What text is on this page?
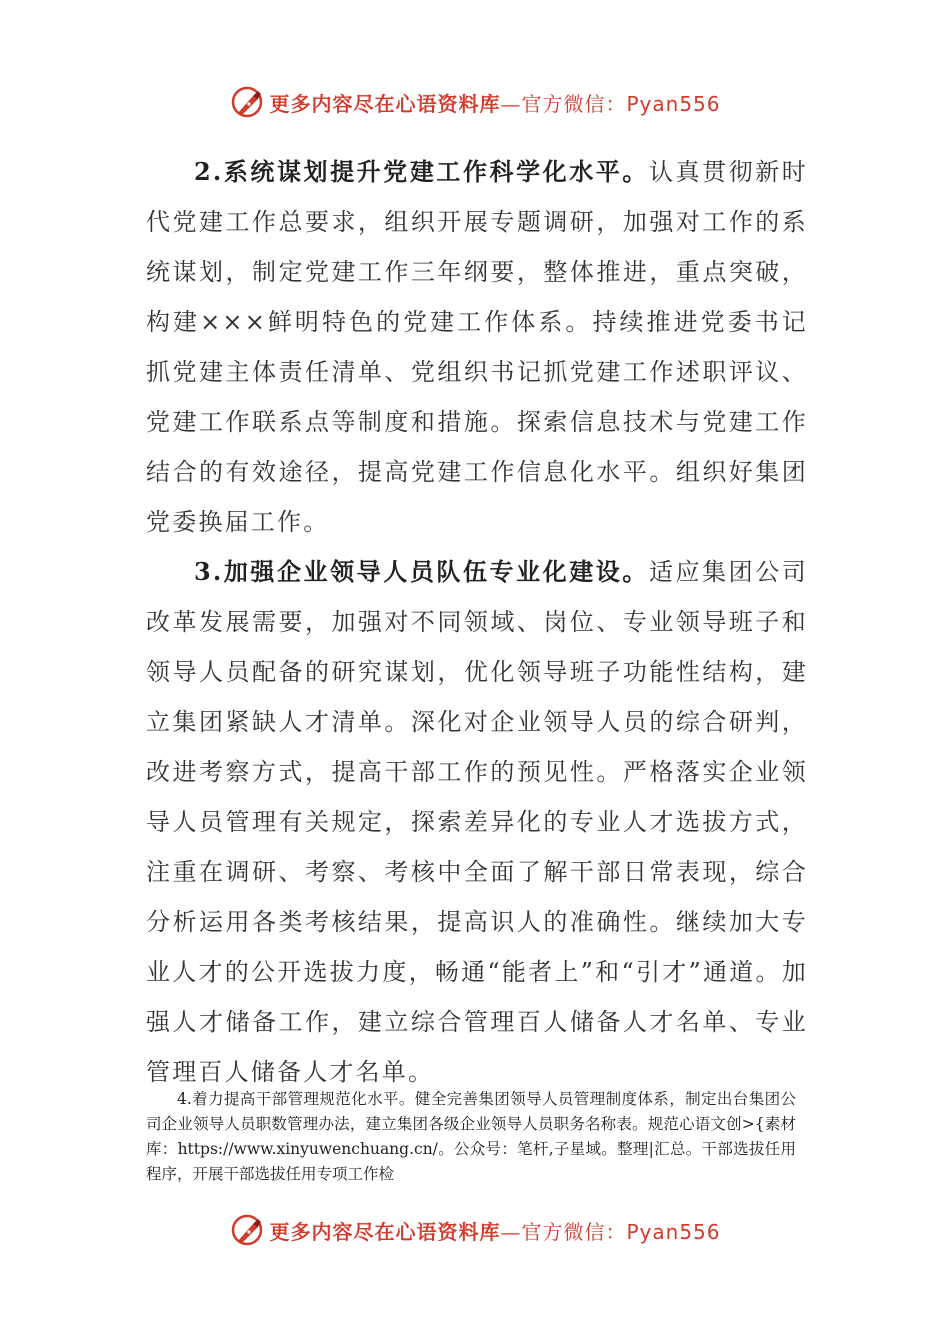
更多内容尽在心语资料库—官方微信：Pyan556

2.系统谋划提升党建工作科学化水平。认真贯彻新时代党建工作总要求，组织开展专题调研，加强对工作的系统谋划，制定党建工作三年纲要，整体推进，重点突破，构建×××鲜明特色的党建工作体系。持续推进党委书记抓党建主体责任清单、党组织书记抓党建工作述职评议、党建工作联系点等制度和措施。探索信息技术与党建工作结合的有效途径，提高党建工作信息化水平。组织好集团党委换届工作。

3.加强企业领导人员队伍专业化建设。适应集团公司改革发展需要，加强对不同领域、岗位、专业领导班子和领导人员配备的研究谋划，优化领导班子功能性结构，建立集团紧缺人才清单。深化对企业领导人员的综合研判，改进考察方式，提高干部工作的预见性。严格落实企业领导人员管理有关规定，探索差异化的专业人才选拔方式，注重在调研、考察、考核中全面了解干部日常表现，综合分析运用各类考核结果，提高识人的准确性。继续加大专业人才的公开选拔力度，畅通“能者上”和“引才”通道。加强人才储备工作，建立综合管理百人储备人才名单、专业管理百人储备人才名单。

4.着力提高干部管理规范化水平。健全完善集团领导人员管理制度体系，制定出台集团公司企业领导人员职数管理办法，建立集团各级企业领导人员职务名称表。规范心语文创>{素材库：https://www.xinyuwenchuang.cn/。公众号：笔杆,子星域。整理|汇总。干部选拔任用程序，开展干部选拔任用专项工作检

更多内容尽在心语资料库—官方微信：Pyan556
